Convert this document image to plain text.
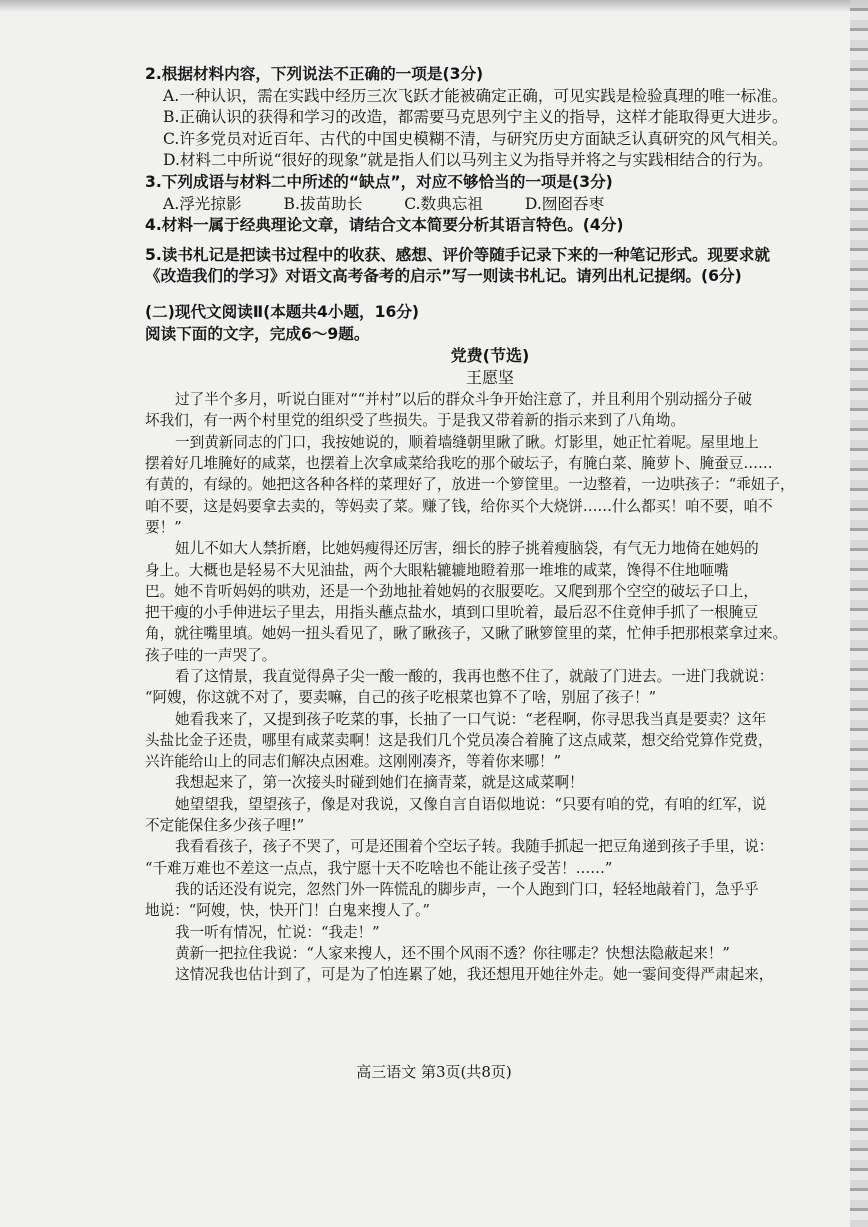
2.根据材料内容，下列说法不正确的一项是(3分)

A.一种认识，需在实践中经历三次飞跃才能被确定正确，可见实践是检验真理的唯一标准。

B.正确认识的获得和学习的改造，都需要马克思列宁主义的指导，这样才能取得更大进步。

C.许多党员对近百年、古代的中国史模糊不清，与研究历史方面缺乏认真研究的风气相关。

D.材料二中所说“很好的现象”就是指人们以马列主义为指导并将之与实践相结合的行为。

3.下列成语与材料二中所述的“缺点”，对应不够恰当的一项是(3分)

A.浮光掠影	B.拔苗助长	C.数典忘祖	D.囫囵吞枣

4.材料一属于经典理论文章，请结合文本简要分析其语言特色。(4分)

5.读书札记是把读书过程中的收获、感想、评价等随手记录下来的一种笔记形式。现要求就

《改造我们的学习》对语文高考备考的启示”写一则读书札记。请列出札记提纲。(6分)

(二)现代文阅读Ⅱ(本题共4小题，16分)

阅读下面的文字，完成6～9题。

党费(节选)
王愿坚

过了半个多月，听说白匪对““并村”以后的群众斗争开始注意了，并且利用个别动摇分子破

坏我们，有一两个村里党的组织受了些损失。于是我又带着新的指示来到了八角坳。

一到黄新同志的门口，我按她说的，顺着墙缝朝里瞅了瞅。灯影里，她正忙着呢。屋里地上

摆着好几堆腌好的咸菜，也摆着上次拿咸菜给我吃的那个破坛子，有腌白菜、腌萝卜、腌蚕豆……

有黄的，有绿的。她把这各种各样的菜理好了，放进一个箩筐里。一边整着，一边哄孩子：“乖妞子，

咱不要，这是妈要拿去卖的，等妈卖了菜。赚了钱，给你买个大烧饼……什么都买！咱不要，咱不

要！”

妞儿不如大人禁折磨，比她妈瘦得还厉害，细长的脖子挑着瘦脑袋，有气无力地倚在她妈的

身上。大概也是轻易不大见油盐，两个大眼粘辘辘地瞪着那一堆堆的咸菜，馋得不住地咂嘴

巴。她不肯听妈妈的哄劝，还是一个劲地扯着她妈的衣服要吃。又爬到那个空空的破坛子口上，

把干瘦的小手伸进坛子里去，用指头蘸点盐水，填到口里吮着，最后忍不住竟伸手抓了一根腌豆

角，就往嘴里填。她妈一扭头看见了，瞅了瞅孩子，又瞅了瞅箩筐里的菜，忙伸手把那根菜拿过来。

孩子哇的一声哭了。

看了这情景，我直觉得鼻子尖一酸一酸的，我再也憋不住了，就敲了门进去。一进门我就说：

“阿嫂，你这就不对了，要卖嘛，自己的孩子吃根菜也算不了啥，别屈了孩子！”

她看我来了，又提到孩子吃菜的事，长抽了一口气说：“老程啊，你寻思我当真是要卖？这年

头盐比金子还贵，哪里有咸菜卖啊！这是我们几个党员凑合着腌了这点咸菜，想交给党算作党费，

兴许能给山上的同志们解决点困难。这刚刚凑齐，等着你来哪！”

我想起来了，第一次接头时碰到她们在摘青菜，就是这咸菜啊！

她望望我，望望孩子，像是对我说，又像自言自语似地说：“只要有咱的党，有咱的红军，说

不定能保住多少孩子哩!”

我看看孩子，孩子不哭了，可是还围着个空坛子转。我随手抓起一把豆角递到孩子手里，说：

“千难万难也不差这一点点，我宁愿十天不吃啥也不能让孩子受苦！……”

我的话还没有说完，忽然门外一阵慌乱的脚步声，一个人跑到门口，轻轻地敲着门，急乎乎

地说：“阿嫂，快，快开门！白鬼来搜人了。”

我一听有情况，忙说：“我走！”

黄新一把拉住我说：“人家来搜人，还不围个风雨不透？你往哪走？快想法隐蔽起来！”

这情况我也估计到了，可是为了怕连累了她，我还想甩开她往外走。她一霎间变得严肃起来，

高三语文 第3页(共8页)
